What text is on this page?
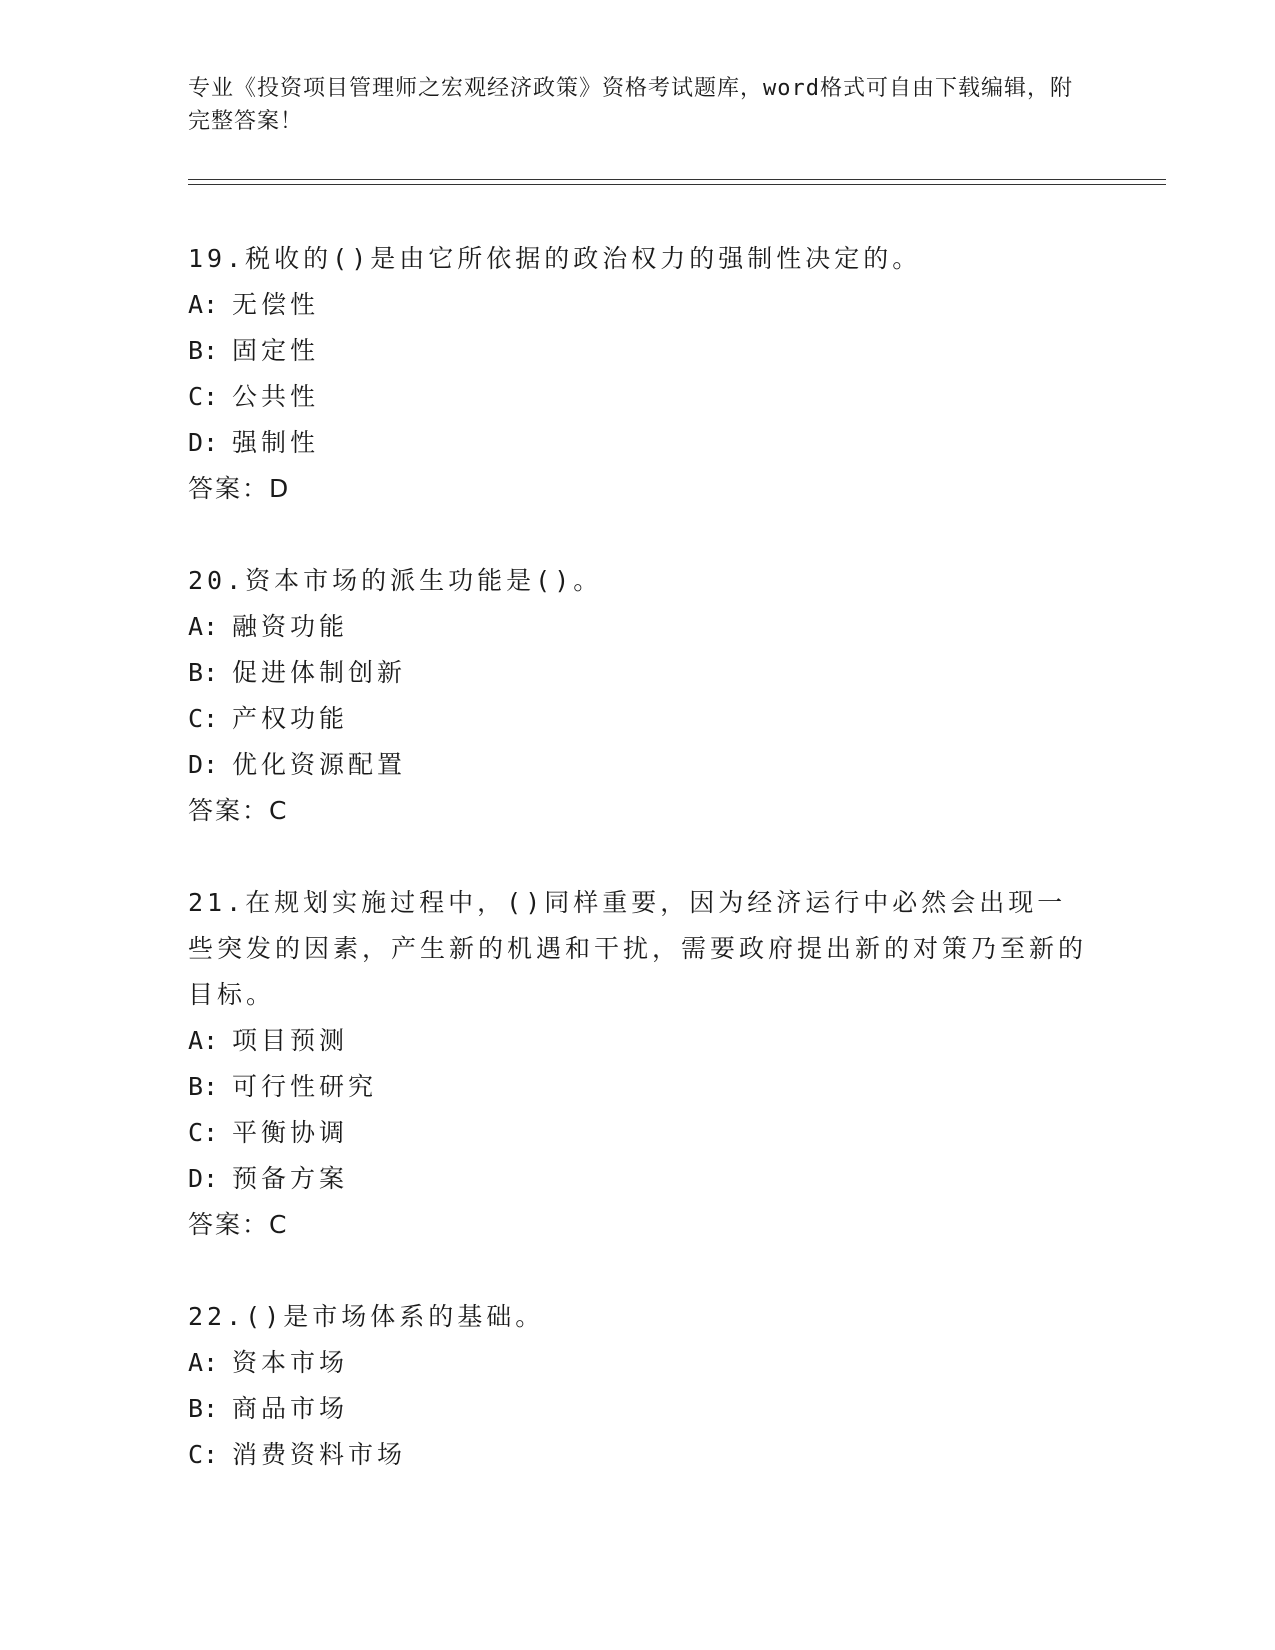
专业《投资项目管理师之宏观经济政策》资格考试题库，word格式可自由下载编辑，附完整答案！
19.税收的()是由它所依据的政治权力的强制性决定的。
A: 无偿性
B: 固定性
C: 公共性
D: 强制性
答案：D
20.资本市场的派生功能是()。
A: 融资功能
B: 促进体制创新
C: 产权功能
D: 优化资源配置
答案：C
21.在规划实施过程中，()同样重要，因为经济运行中必然会出现一些突发的因素，产生新的机遇和干扰，需要政府提出新的对策乃至新的目标。
A: 项目预测
B: 可行性研究
C: 平衡协调
D: 预备方案
答案：C
22.()是市场体系的基础。
A: 资本市场
B: 商品市场
C: 消费资料市场
